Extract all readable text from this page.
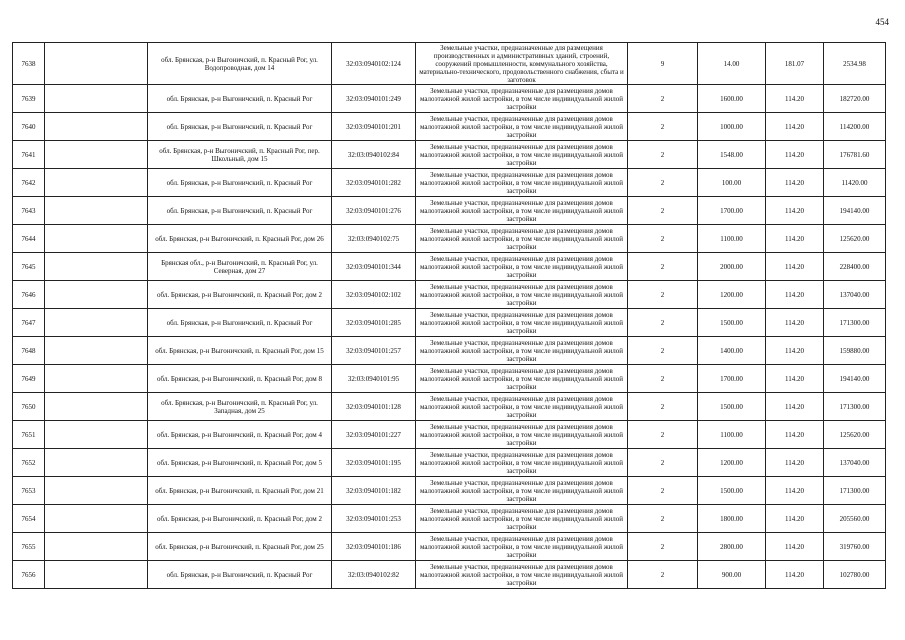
454
7638		обл. Брянская, р-н Выгоничский, п. Красный Рог, ул. Водопроводная, дом 14	32:03:0940102:124	Земельные участки, предназначенные для размещения производственных и административных зданий, строений, сооружений промышленности, коммунального хозяйства, материально-технического, продовольственного снабжения, сбыта и заготовок	9	14.00	181.07	2534.98
7639		обл. Брянская, р-н Выгоничский, п. Красный Рог	32:03:0940101:249	Земельные участки, предназначенные для размещения домов малоэтажной жилой застройки, в том числе индивидуальной жилой застройки	2	1600.00	114.20	182720.00
7640		обл. Брянская, р-н Выгоничский, п. Красный Рог	32:03:0940101:201	Земельные участки, предназначенные для размещения домов малоэтажной жилой застройки, в том числе индивидуальной жилой застройки	2	1000.00	114.20	114200.00
7641		обл. Брянская, р-н Выгоничский, п. Красный Рог, пер. Школьный, дом 15	32:03:0940102:84	Земельные участки, предназначенные для размещения домов малоэтажной жилой застройки, в том числе индивидуальной жилой застройки	2	1548.00	114.20	176781.60
7642		обл. Брянская, р-н Выгоничский, п. Красный Рог	32:03:0940101:282	Земельные участки, предназначенные для размещения домов малоэтажной жилой застройки, в том числе индивидуальной жилой застройки	2	100.00	114.20	11420.00
7643		обл. Брянская, р-н Выгоничский, п. Красный Рог	32:03:0940101:276	Земельные участки, предназначенные для размещения домов малоэтажной жилой застройки, в том числе индивидуальной жилой застройки	2	1700.00	114.20	194140.00
7644		обл. Брянская, р-н Выгоничский, п. Красный Рог, дом 26	32:03:0940102:75	Земельные участки, предназначенные для размещения домов малоэтажной жилой застройки, в том числе индивидуальной жилой застройки	2	1100.00	114.20	125620.00
7645		Брянская обл., р-н Выгоничский, п. Красный Рог, ул. Северная, дом 27	32:03:0940101:344	Земельные участки, предназначенные для размещения домов малоэтажной жилой застройки, в том числе индивидуальной жилой застройки	2	2000.00	114.20	228400.00
7646		обл. Брянская, р-н Выгоничский, п. Красный Рог, дом 2	32:03:0940102:102	Земельные участки, предназначенные для размещения домов малоэтажной жилой застройки, в том числе индивидуальной жилой застройки	2	1200.00	114.20	137040.00
7647		обл. Брянская, р-н Выгоничский, п. Красный Рог	32:03:0940101:285	Земельные участки, предназначенные для размещения домов малоэтажной жилой застройки, в том числе индивидуальной жилой застройки	2	1500.00	114.20	171300.00
7648		обл. Брянская, р-н Выгоничский, п. Красный Рог, дом 15	32:03:0940101:257	Земельные участки, предназначенные для размещения домов малоэтажной жилой застройки, в том числе индивидуальной жилой застройки	2	1400.00	114.20	159880.00
7649		обл. Брянская, р-н Выгоничский, п. Красный Рог, дом 8	32:03:0940101:95	Земельные участки, предназначенные для размещения домов малоэтажной жилой застройки, в том числе индивидуальной жилой застройки	2	1700.00	114.20	194140.00
7650		обл. Брянская, р-н Выгоничский, п. Красный Рог, ул. Западная, дом 25	32:03:0940101:128	Земельные участки, предназначенные для размещения домов малоэтажной жилой застройки, в том числе индивидуальной жилой застройки	2	1500.00	114.20	171300.00
7651		обл. Брянская, р-н Выгоничский, п. Красный Рог, дом 4	32:03:0940101:227	Земельные участки, предназначенные для размещения домов малоэтажной жилой застройки, в том числе индивидуальной жилой застройки	2	1100.00	114.20	125620.00
7652		обл. Брянская, р-н Выгоничский, п. Красный Рог, дом 5	32:03:0940101:195	Земельные участки, предназначенные для размещения домов малоэтажной жилой застройки, в том числе индивидуальной жилой застройки	2	1200.00	114.20	137040.00
7653		обл. Брянская, р-н Выгоничский, п. Красный Рог, дом 21	32:03:0940101:182	Земельные участки, предназначенные для размещения домов малоэтажной жилой застройки, в том числе индивидуальной жилой застройки	2	1500.00	114.20	171300.00
7654		обл. Брянская, р-н Выгоничский, п. Красный Рог, дом 2	32:03:0940101:253	Земельные участки, предназначенные для размещения домов малоэтажной жилой застройки, в том числе индивидуальной жилой застройки	2	1800.00	114.20	205560.00
7655		обл. Брянская, р-н Выгоничский, п. Красный Рог, дом 25	32:03:0940101:186	Земельные участки, предназначенные для размещения домов малоэтажной жилой застройки, в том числе индивидуальной жилой застройки	2	2800.00	114.20	319760.00
7656		обл. Брянская, р-н Выгоничский, п. Красный Рог	32:03:0940102:82	Земельные участки, предназначенные для размещения домов малоэтажной жилой застройки, в том числе индивидуальной жилой застройки	2	900.00	114.20	102780.00
